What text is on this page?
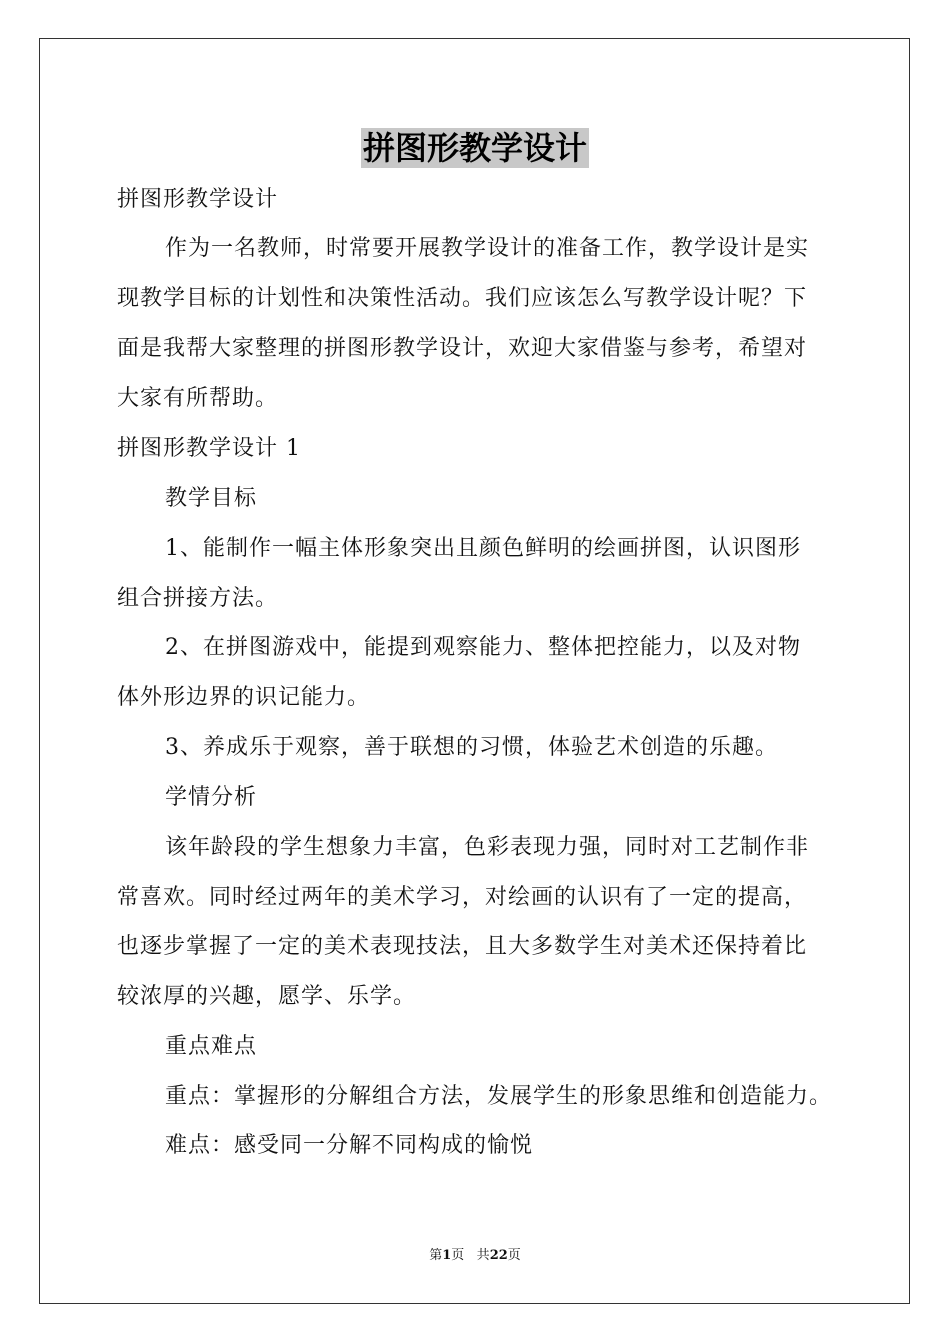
拼图形教学设计
拼图形教学设计
作为一名教师，时常要开展教学设计的准备工作，教学设计是实
现教学目标的计划性和决策性活动。我们应该怎么写教学设计呢？下
面是我帮大家整理的拼图形教学设计，欢迎大家借鉴与参考，希望对
大家有所帮助。
拼图形教学设计 1
教学目标
1、能制作一幅主体形象突出且颜色鲜明的绘画拼图，认识图形
组合拼接方法。
2、在拼图游戏中，能提到观察能力、整体把控能力，以及对物
体外形边界的识记能力。
3、养成乐于观察，善于联想的习惯，体验艺术创造的乐趣。
学情分析
该年龄段的学生想象力丰富，色彩表现力强，同时对工艺制作非
常喜欢。同时经过两年的美术学习，对绘画的认识有了一定的提高，
也逐步掌握了一定的美术表现技法，且大多数学生对美术还保持着比
较浓厚的兴趣，愿学、乐学。
重点难点
重点：掌握形的分解组合方法，发展学生的形象思维和创造能力。
难点：感受同一分解不同构成的愉悦
第1页 共22页
